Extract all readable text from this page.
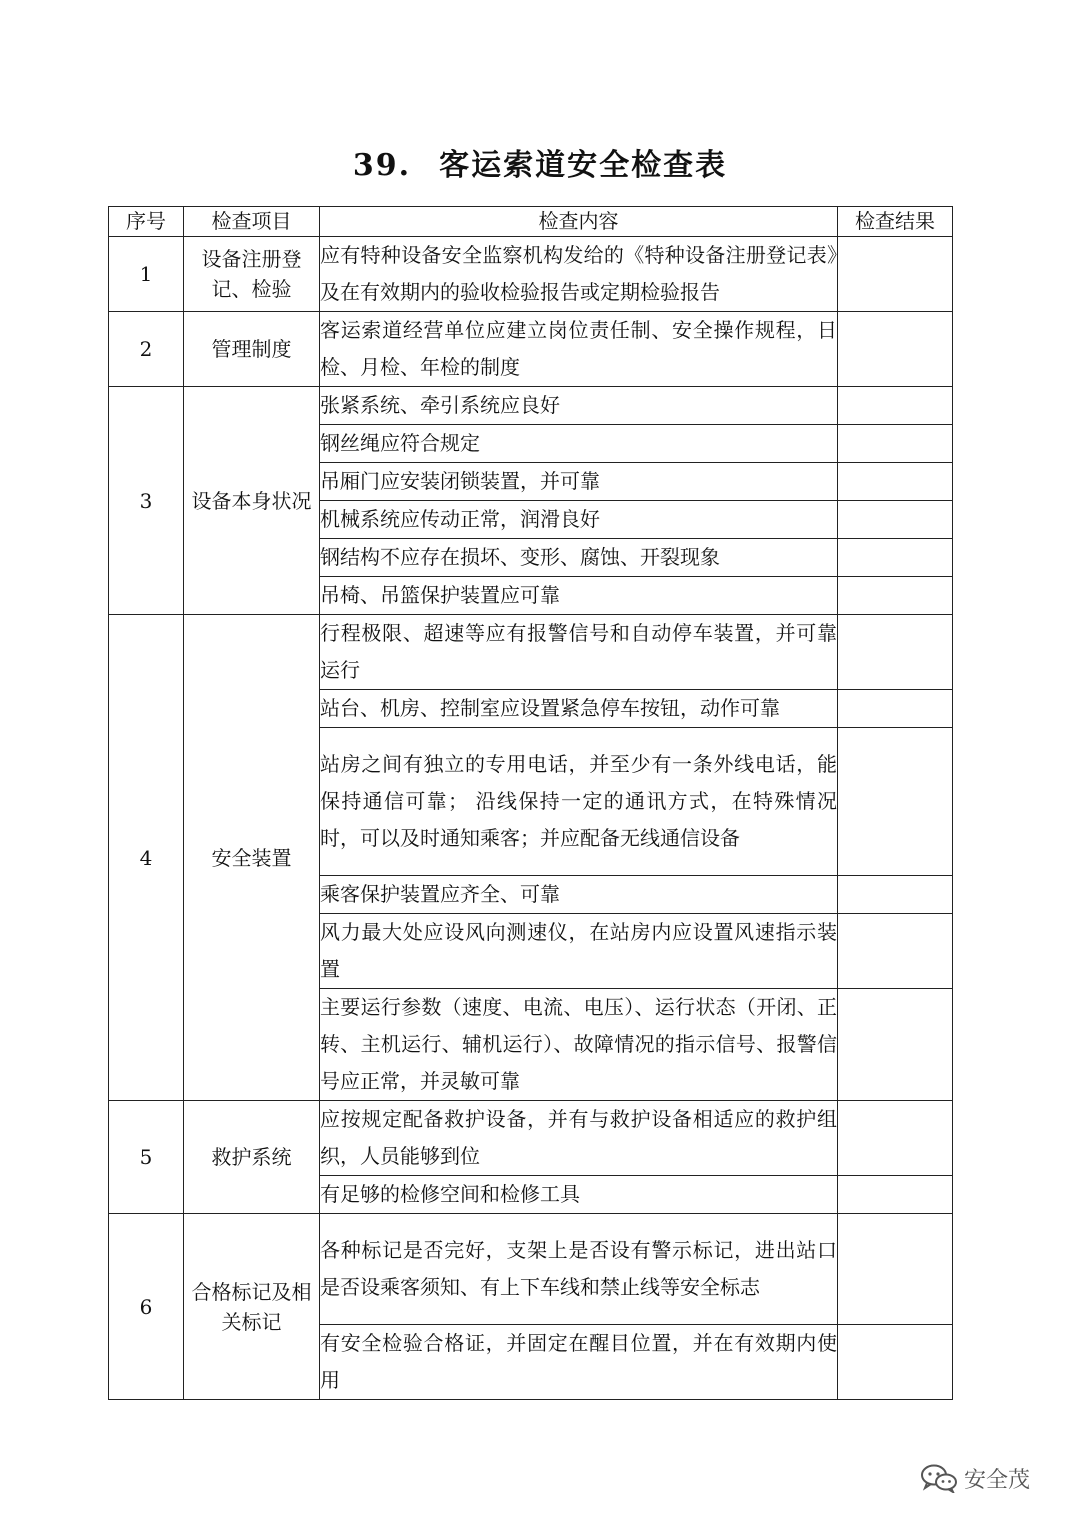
39. 客运索道安全检查表
序号	检查项目	检查内容	检查结果
1	设备注册登记、检验	应有特种设备安全监察机构发给的《特种设备注册登记表》及在有效期内的验收检验报告或定期检验报告	
2	管理制度	客运索道经营单位应建立岗位责任制、安全操作规程，日检、月检、年检的制度	
3	设备本身状况	张紧系统、牵引系统应良好	
		钢丝绳应符合规定	
		吊厢门应安装闭锁装置，并可靠	
		机械系统应传动正常，润滑良好	
		钢结构不应存在损坏、变形、腐蚀、开裂现象	
		吊椅、吊篮保护装置应可靠	
4	安全装置	行程极限、超速等应有报警信号和自动停车装置，并可靠运行	
		站台、机房、控制室应设置紧急停车按钮，动作可靠	
		站房之间有独立的专用电话，并至少有一条外线电话，能保持通信可靠； 沿线保持一定的通讯方式，在特殊情况时，可以及时通知乘客；并应配备无线通信设备	
		乘客保护装置应齐全、可靠	
		风力最大处应设风向测速仪，在站房内应设置风速指示装置	
		主要运行参数（速度、电流、电压）、运行状态（开闭、正转、主机运行、辅机运行）、故障情况的指示信号、报警信号应正常，并灵敏可靠	
5	救护系统	应按规定配备救护设备，并有与救护设备相适应的救护组织，人员能够到位	
		有足够的检修空间和检修工具	
6	合格标记及相关标记	各种标记是否完好，支架上是否设有警示标记，进出站口是否设乘客须知、有上下车线和禁止线等安全标志	
		有安全检验合格证，并固定在醒目位置，并在有效期内使用	
安全茂
